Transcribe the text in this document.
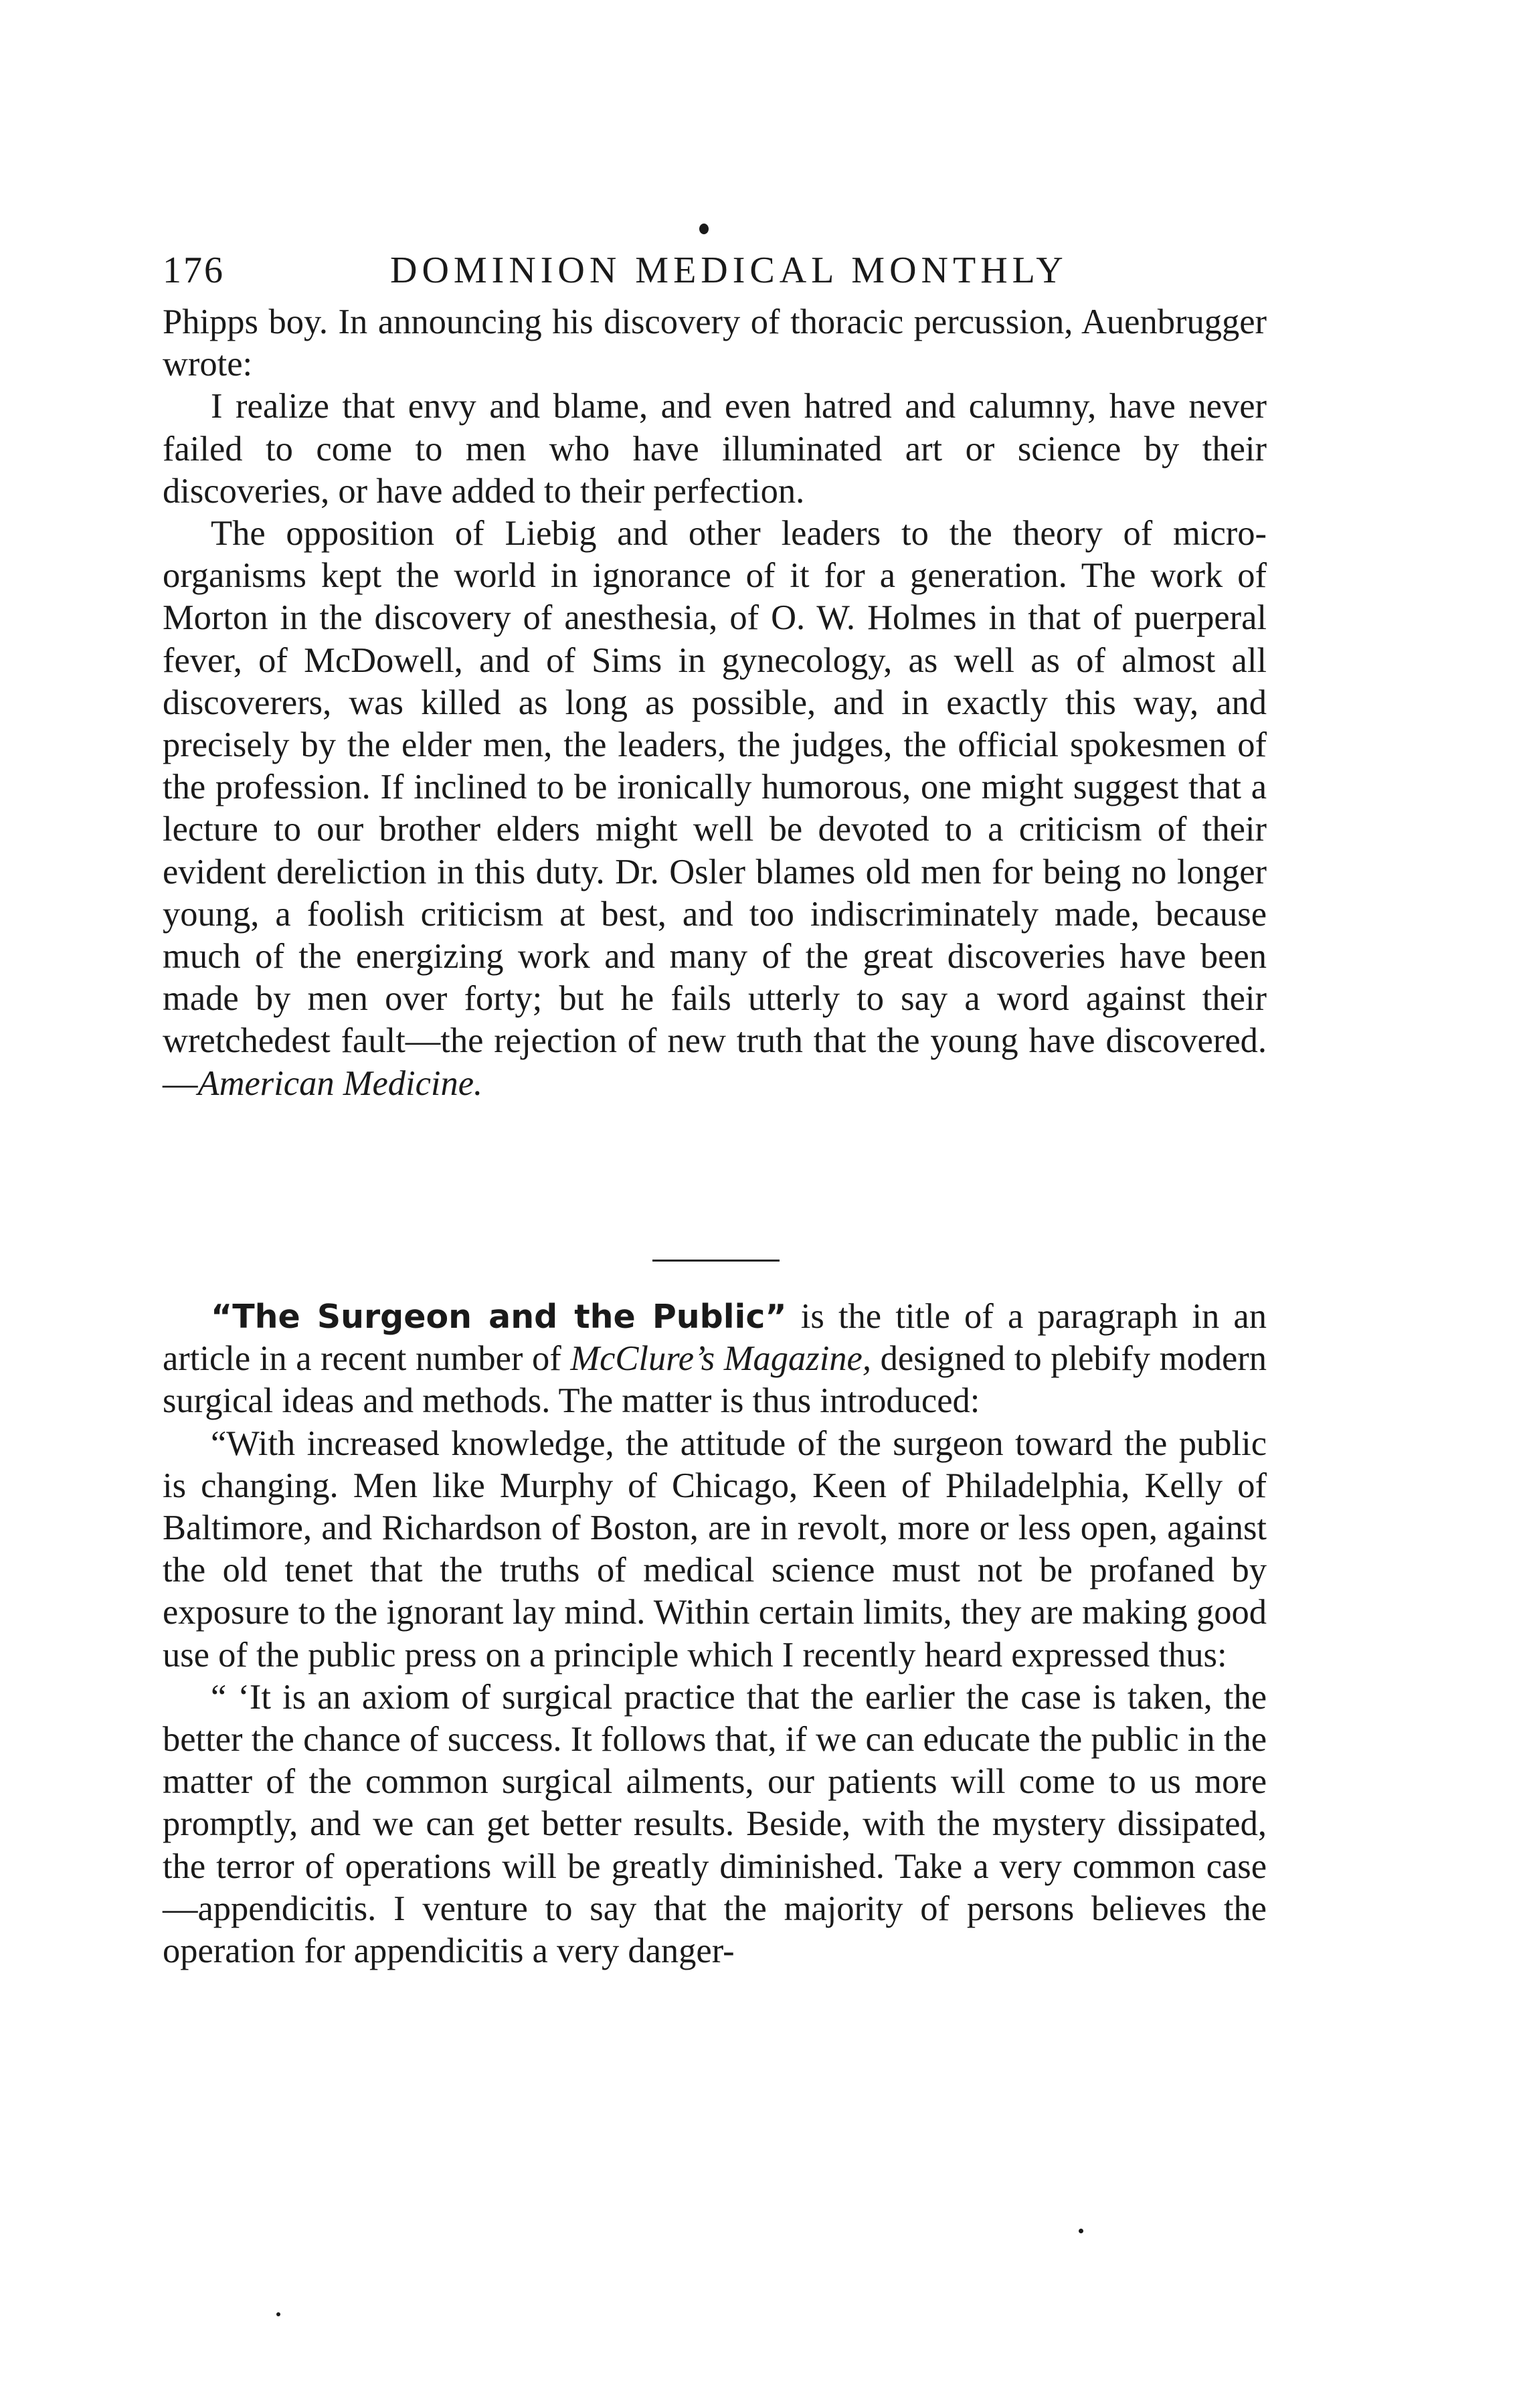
176	DOMINION MEDICAL MONTHLY

Phipps boy. In announcing his discovery of thoracic percussion, Auenbrugger wrote:

I realize that envy and blame, and even hatred and calumny, have never failed to come to men who have illuminated art or science by their discoveries, or have added to their perfection.

The opposition of Liebig and other leaders to the theory of micro-organisms kept the world in ignorance of it for a generation. The work of Morton in the discovery of anesthesia, of O. W. Holmes in that of puerperal fever, of McDowell, and of Sims in gynecology, as well as of almost all discoverers, was killed as long as possible, and in exactly this way, and precisely by the elder men, the leaders, the judges, the official spokesmen of the profession. If inclined to be ironically humorous, one might suggest that a lecture to our brother elders might well be devoted to a criticism of their evident dereliction in this duty. Dr. Osler blames old men for being no longer young, a foolish criticism at best, and too indiscriminately made, because much of the energizing work and many of the great discoveries have been made by men over forty; but he fails utterly to say a word against their wretchedest fault—the rejection of new truth that the young have discovered.—American Medicine.

“The Surgeon and the Public” is the title of a paragraph in an article in a recent number of McClure’s Magazine, designed to plebify modern surgical ideas and methods. The matter is thus introduced:

“With increased knowledge, the attitude of the surgeon toward the public is changing. Men like Murphy of Chicago, Keen of Philadelphia, Kelly of Baltimore, and Richardson of Boston, are in revolt, more or less open, against the old tenet that the truths of medical science must not be profaned by exposure to the ignorant lay mind. Within certain limits, they are making good use of the public press on a principle which I recently heard expressed thus:

“ ‘It is an axiom of surgical practice that the earlier the case is taken, the better the chance of success. It follows that, if we can educate the public in the matter of the common surgical ailments, our patients will come to us more promptly, and we can get better results. Beside, with the mystery dissipated, the terror of operations will be greatly diminished. Take a very common case—appendicitis. I venture to say that the majority of persons believes the operation for appendicitis a very danger-
